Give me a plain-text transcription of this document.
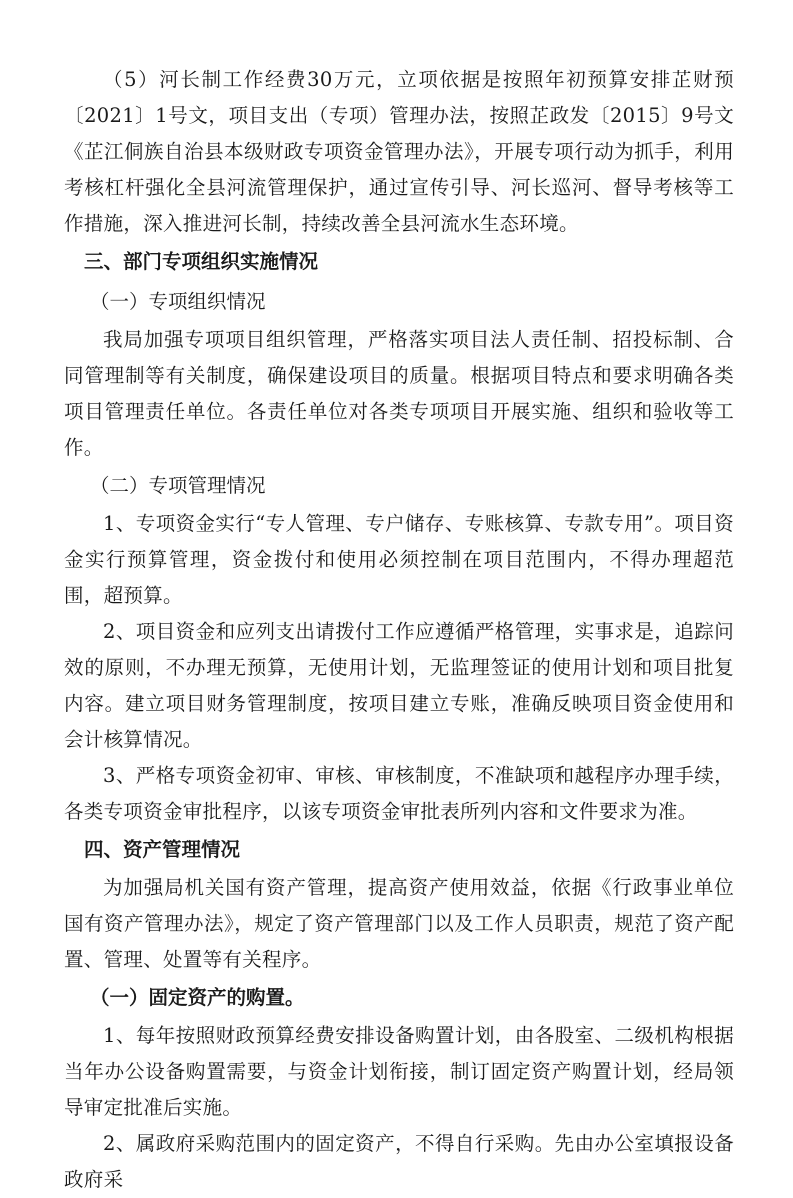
（5）河长制工作经费30万元，立项依据是按照年初预算安排芷财预〔2021〕1号文，项目支出（专项）管理办法，按照芷政发〔2015〕9号文《芷江侗族自治县本级财政专项资金管理办法》，开展专项行动为抓手，利用考核杠杆强化全县河流管理保护，通过宣传引导、河长巡河、督导考核等工作措施，深入推进河长制，持续改善全县河流水生态环境。

三、部门专项组织实施情况

（一）专项组织情况

我局加强专项项目组织管理，严格落实项目法人责任制、招投标制、合同管理制等有关制度，确保建设项目的质量。根据项目特点和要求明确各类项目管理责任单位。各责任单位对各类专项项目开展实施、组织和验收等工作。

（二）专项管理情况

1、专项资金实行“专人管理、专户储存、专账核算、专款专用”。项目资金实行预算管理，资金拨付和使用必须控制在项目范围内，不得办理超范围，超预算。

2、项目资金和应列支出请拨付工作应遵循严格管理，实事求是，追踪问效的原则，不办理无预算，无使用计划，无监理签证的使用计划和项目批复内容。建立项目财务管理制度，按项目建立专账，准确反映项目资金使用和会计核算情况。

3、严格专项资金初审、审核、审核制度，不准缺项和越程序办理手续，各类专项资金审批程序，以该专项资金审批表所列内容和文件要求为准。

四、资产管理情况

为加强局机关国有资产管理，提高资产使用效益，依据《行政事业单位国有资产管理办法》，规定了资产管理部门以及工作人员职责，规范了资产配置、管理、处置等有关程序。

（一）固定资产的购置。

1、每年按照财政预算经费安排设备购置计划，由各股室、二级机构根据当年办公设备购置需要，与资金计划衔接，制订固定资产购置计划，经局领导审定批准后实施。

2、属政府采购范围内的固定资产，不得自行采购。先由办公室填报设备政府采
